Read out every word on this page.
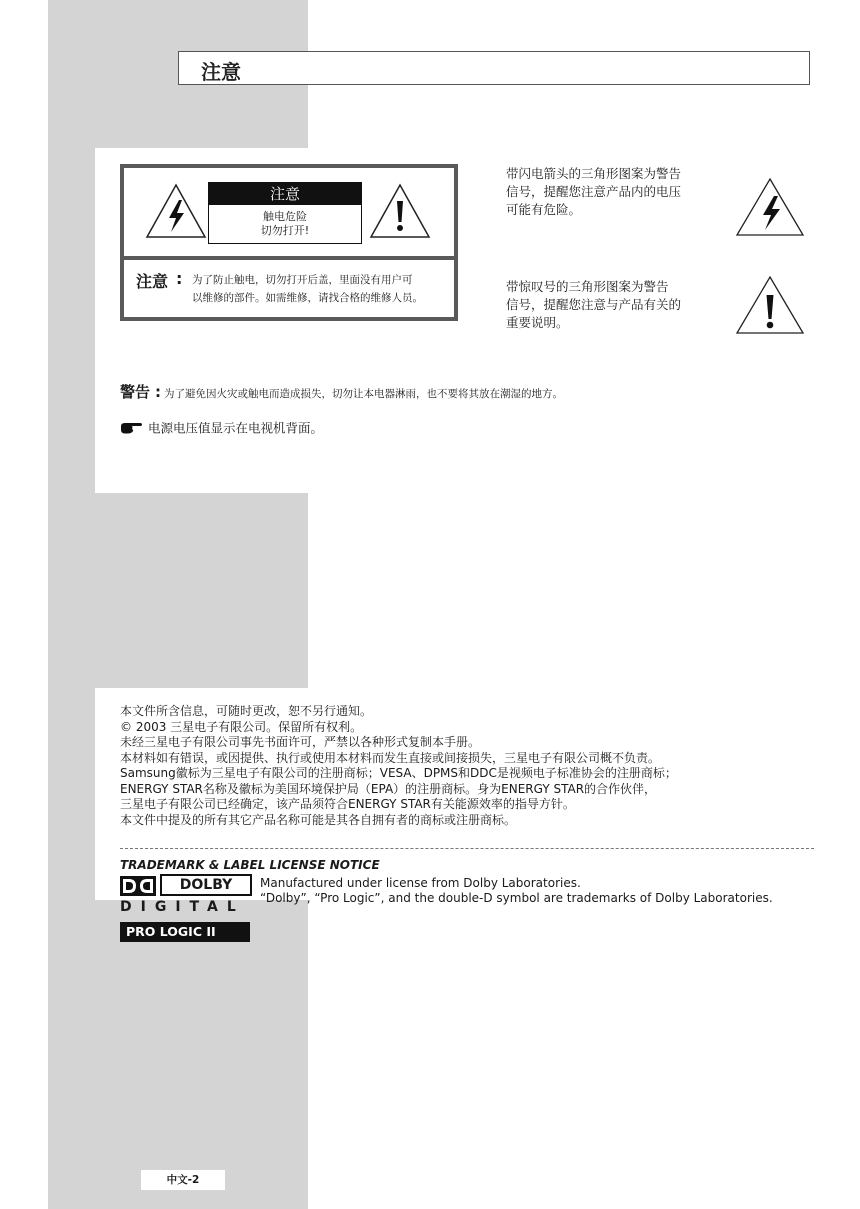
注意
注意
触电危险
切勿打开!
注意 : 为了防止触电，切勿打开后盖，里面没有用户可
以维修的部件。如需维修，请找合格的维修人员。
带闪电箭头的三角形图案为警告
信号，提醒您注意产品内的电压
可能有危险。
带惊叹号的三角形图案为警告
信号，提醒您注意与产品有关的
重要说明。
警告 : 为了避免因火灾或触电而造成损失，切勿让本电器淋雨，也不要将其放在潮湿的地方。
电源电压值显示在电视机背面。
本文件所含信息，可随时更改，恕不另行通知。
© 2003 三星电子有限公司。保留所有权利。
未经三星电子有限公司事先书面许可，严禁以各种形式复制本手册。
本材料如有错误，或因提供、执行或使用本材料而发生直接或间接损失，三星电子有限公司概不负责。
Samsung徽标为三星电子有限公司的注册商标；VESA、DPMS和DDC是视频电子标准协会的注册商标；
ENERGY STAR名称及徽标为美国环境保护局（EPA）的注册商标。身为ENERGY STAR的合作伙伴，
三星电子有限公司已经确定，该产品须符合ENERGY STAR有关能源效率的指导方针。
本文件中提及的所有其它产品名称可能是其各自拥有者的商标或注册商标。
TRADEMARK & LABEL LICENSE NOTICE
DOLBY
DIGITAL
PRO LOGIC II
Manufactured under license from Dolby Laboratories.
“Dolby”, “Pro Logic”, and the double-D symbol are trademarks of Dolby Laboratories.
中文-2
